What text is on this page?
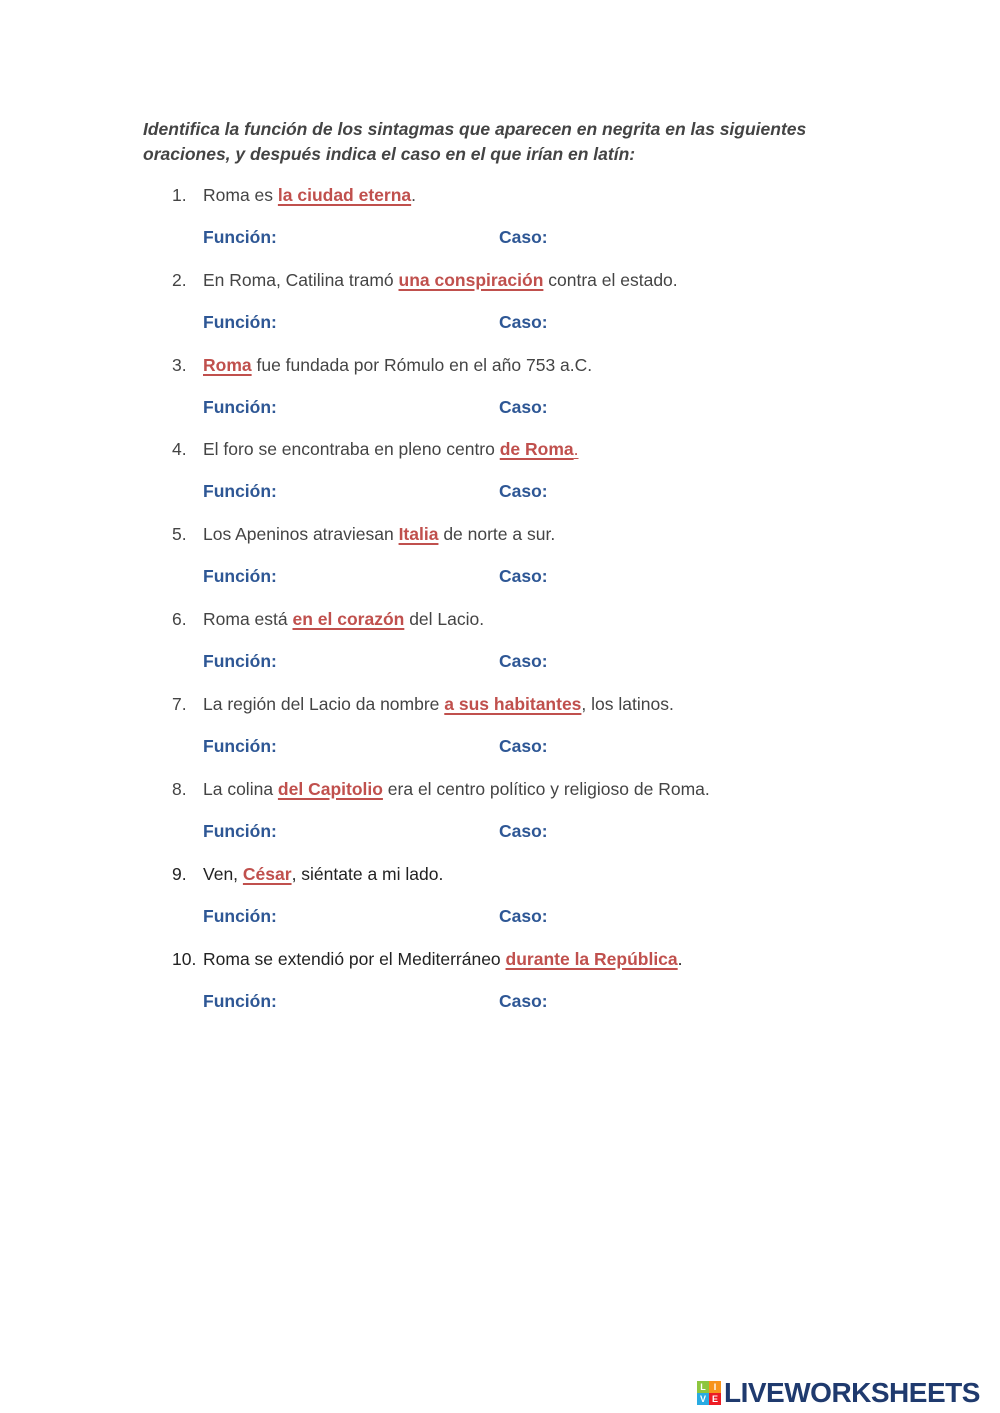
Identifica la función de los sintagmas que aparecen en negrita en las siguientes oraciones, y después indica el caso en el que irían en latín:
1. Roma es la ciudad eterna.
Función:	Caso:
2. En Roma, Catilina tramó una conspiración contra el estado.
Función:	Caso:
3. Roma fue fundada por Rómulo en el año 753 a.C.
Función:	Caso:
4. El foro se encontraba en pleno centro de Roma.
Función:	Caso:
5. Los Apeninos atraviesan Italia de norte a sur.
Función:	Caso:
6. Roma está en el corazón del Lacio.
Función:	Caso:
7. La región del Lacio da nombre a sus habitantes, los latinos.
Función:	Caso:
8. La colina del Capitolio era el centro político y religioso de Roma.
Función:	Caso:
9. Ven, César, siéntate a mi lado.
Función:	Caso:
10. Roma se extendió por el Mediterráneo durante la República.
Función:	Caso:
L I
V E LIVEWORKSHEETS
